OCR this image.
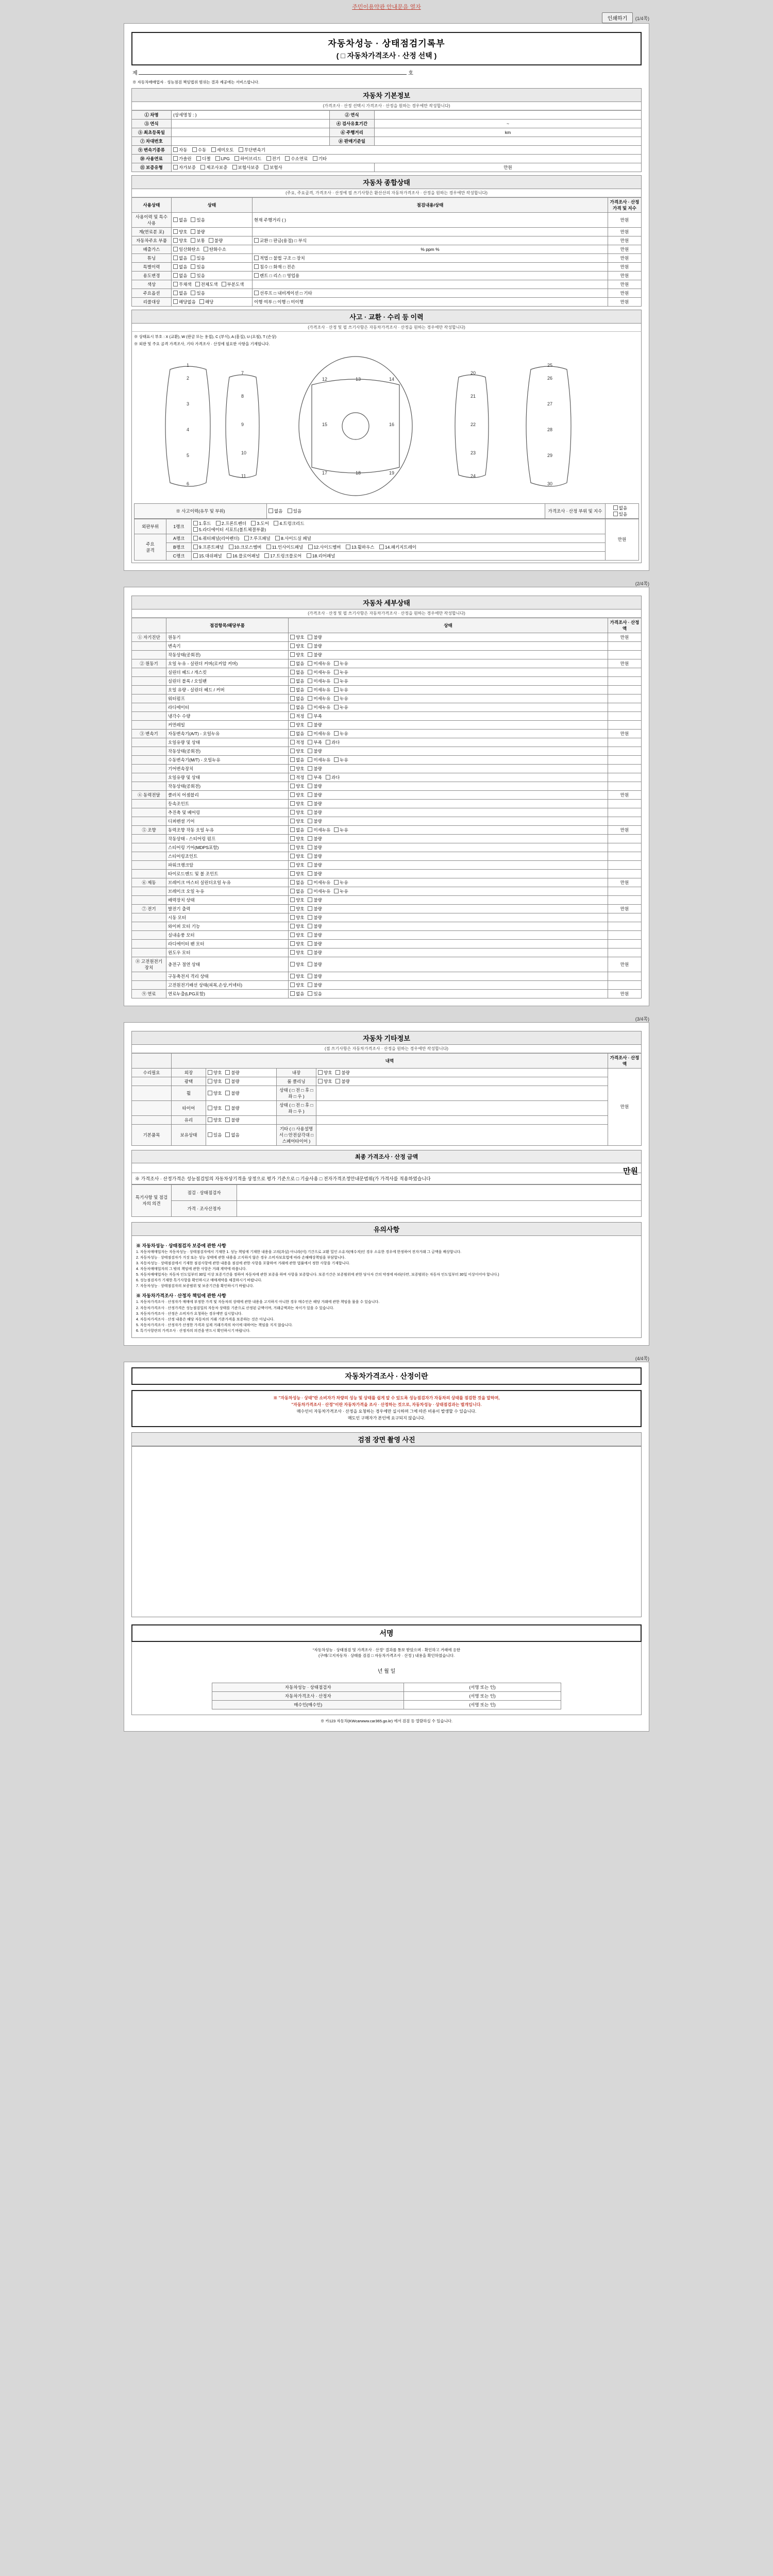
주민이용약관 안내문을 열자
인쇄하기 (1/4쪽)
자동차성능 · 상태점검기록부
( □ 자동차가격조사 · 산정 선택 )
제	호
※ 자동차매매업자 · 성능점검 책임법위 범위는 결과 제공에는 서비스합니다.
자동차 기본정보
(가격조사 · 산정 선택시 가격조사 · 산정을 원하는 경우에만 작성합니다)
① 차명	(상세명칭 : )	② 연식	
③ 연식		④ 검사유효기간	~
⑤ 최초등록일		⑥ 주행거리	km
⑦ 차대번호		⑧ 판매기준일	
⑨ 변속기종류	자동 수동 세미오토 무단변속기		
⑩ 사용연료	가솔린 디젤 LPG 하이브리드 전기 수소연료 기타		
⑪ 보증유형	자가보증 제조사보증 보험사보증 보험사		만원
자동차 종합상태
(주요, 주요골격, 가격조사 · 산정에 필 쓰기사항은 환산산의 자동차가격조사 · 산정을 원하는 경우에만 작성합니다)
사용상태	상태	점검내용/상태	가격조사 · 산정가격 및 지수
사용이력 및 특수사용	없음 있음	현재 주행거리 ( )	만원
계(연료분 포)	양호 불량		만원
자동차주요 부품	양호 보통 불량	교환 □ 판금(용접) □ 부식	만원
배출가스	일산화탄소 탄화수소	% ppm %	만원
튜닝	없음 있음	적법 □ 불법 구조 □ 장치	만원
특별이력	없음 있음	침수 □ 화재 □ 전손	만원
용도변경	없음 있음	렌트 □ 리스 □ 영업용	만원
색상	무채색 전체도색 부분도색		만원
주요옵션	없음 있음	선루프 □ 내비게이션 □ 기타	만원
리콜대상	해당없음 해당	이행 여부 □ 이행 □ 미이행	만원
사고 · 교환 · 수리 등 이력
(가격조사 · 산정 및 필 쓰기사항은 자동차가격조사 · 산정을 원하는 경우에만 작성합니다)
※ 상태표시 부호 : X (교환), W (판금 또는 용접), C (부식), A (흠집), U (요철), T (손상)
※ 외판 및 주요 골격 가격조사, 기타 가격조사 · 산정에 필요한 사항을 기재합니다.
1
2
3
4
5
6
7
8
9
10
11
12	13	14
15	16
17	18	19
20
21
22
23
24
25
26
27
28
29
30
※ 사고이력(유무 및 부위)	없음 있음	가격조사 · 산정 부위 및 지수	없음 있음
외판부위	1랭크	1.후드 2.프론트펜더 3.도어 4.트렁크리드
5.라디에이터 서포트(볼트체결부품)	만원
주요
골격	A랭크	6.쿼터패널(리어펜더) 7.루프패널 8.사이드실 패널	
	B랭크	9.프론트패널 10.크로스멤버 11.인사이드패널 12.사이드멤버 13.휠하우스 14.패키지트레이	
	C랭크	15.대쉬패널 16.플로어패널 17.트렁크플로어 18.리어패널	
(2/4쪽)
자동차 세부상태
(가격조사 · 산정 및 필 쓰기사항은 자동차가격조사 · 산정을 원하는 경우에만 작성합니다)
	점검항목/해당부품	상태	가격조사 · 산정액
① 자기진단	원동기	양호 불량	만원
	변속기	양호 불량	
	작동상태(공회전)	양호 불량	
② 원동기	오일 누유 - 실린더 커버(로커암 커버)	없음 미세누유 누유	만원
	실린더 헤드 / 개스킷	없음 미세누유 누유	
	실린더 블록 / 오일팬	없음 미세누유 누유	
	오일 유량 - 실린더 헤드 / 커버	없음 미세누유 누유	
	워터펌프	없음 미세누유 누유	
	라디에이터	없음 미세누유 누유	
	냉각수 수량	적정 부족	
	커먼레일	양호 불량	
③ 변속기	자동변속기(A/T) - 오일누유	없음 미세누유 누유	만원
	오일유량 및 상태	적정 부족 과다	
	작동상태(공회전)	양호 불량	
	수동변속기(M/T) - 오일누유	없음 미세누유 누유	
	기어변속장치	양호 불량	
	오일유량 및 상태	적정 부족 과다	
	작동상태(공회전)	양호 불량	
④ 동력전달	클러치 어셈블리	양호 불량	만원
	등속조인트	양호 불량	
	추진축 및 베어링	양호 불량	
	디퍼렌셜 기어	양호 불량	
⑤ 조향	동력조향 작동 오일 누유	없음 미세누유 누유	만원
	작동상태 - 스티어링 펌프	양호 불량	
	스티어링 기어(MDPS포함)	양호 불량	
	스티어링조인트	양호 불량	
	파워크랭크암	양호 불량	
	타이로드엔드 및 볼 조인트	양호 불량	
⑥ 제동	브레이크 마스터 실린더오일 누유	없음 미세누유 누유	만원
	브레이크 오일 누유	없음 미세누유 누유	
	배력장치 상태	양호 불량	
⑦ 전기	발전기 출력	양호 불량	만원
	시동 모터	양호 불량	
	와이퍼 모터 기능	양호 불량	
	실내송풍 모터	양호 불량	
	라디에이터 팬 모터	양호 불량	
	윈도우 모터	양호 불량	
⑧ 고전원전기장치	충전구 절연 상태	양호 불량	만원
	구동축전지 격리 상태	양호 불량	
	고전원전기배선 상태(피복,손상,커넥터)	양호 불량	
⑨ 연료	연료누출(LPG포함)	없음 있음	만원
(3/4쪽)
자동차 기타정보
(점 쓰기사항은 자동차가격조사 · 산정을 원하는 경우에만 작성합니다)
	내역				가격조사 · 산정액
수리필요	외장	양호 불량	내장	양호 불량	만원
	광택	양호 불량	룸 클리닝	양호 불량	
	휠	양호 불량	상태 ( □ 전 □ 후 □ 좌 □ 우 )		
	타이어	양호 불량	상태 ( □ 전 □ 후 □ 좌 □ 우 )		
	유리	양호 불량			
기본품목	보유상태	있음 없음	기타 ( □ 사용설명서 □ 안전삼각대 □ 스페어타이어 )		
최종 가격조사 · 산정 금액
만원

※ 가격조사 · 산정가격은 성능점검일의 자동차상기격을 상정으로 평가 기준으로 □ 기술사용 □ 전자가격조정안내문범위(가 가격사를 적용하였습니다
특기사항 및 점검자의 의견	점검 · 상태점검자	
	가격 · 조사산정자	
유의사항
※ 자동차성능 · 상태점검자 보증에 관한 사항

1. 자동차매매업자는 자동차성능 · 상태점검자에서 기재한 1. 성능 책임에 기재한 내용을 고의(과실) 아니라(이) 기간으로 교환 밀인 소유자(매수자)인 경우 소유한 경우에 한정하여 전자거래 그 금액을 배상합니다.

2. 자동차성능 · 상태점검자가 거짓 또는 성능 상태에 관한 내용을 고지하지 않은 경우 소비자보호법에 따라 손해배상책임을 부담합니다.

3. 자동차성능 · 상태점검에서 기재한 점검사항에 관한 내용을 점검에 관한 사항을 포함하여 거래에 관한 법률에서 정한 사항을 기재합니다.

4. 자동차매매업자의 그 밖의 책임에 관한 사항은 거래 계약에 따릅니다.

5. 자동차매매업자는 자동차 인도일부터 30일 이상 보증기간을 정하여 자동차에 관한 보증을 하며 사항을 보증합니다. 보증기간은 보증범위에 관한 당사자 간의 약정에 따라(다만, 보증범위는 자동차 인도일부터 30일 이상이어야 합니다.)

6. 성능점검자가 기재한 특기사항을 확인하시고 매매계약을 체결하시기 바랍니다.

7. 자동차성능 · 상태점검자의 보증범위 및 보증기간을 확인하시기 바랍니다.

※ 자동차가격조사 · 산정자 책임에 관한 사항

1. 자동차가격조사 · 산정자가 매매에 부정한 가격 및 자동차의 상태에 관한 내용을 고지하지 아니한 경우 매수인은 해당 거래에 관한 책임을 물을 수 있습니다.

2. 자동차가격조사 · 산정가격은 성능점검일의 자동차 상태를 기준으로 산정된 금액이며, 거래금액과는 차이가 있을 수 있습니다.

3. 자동차가격조사 · 산정은 소비자가 요청하는 경우에만 실시합니다.

4. 자동차가격조사 · 산정 내용은 해당 자동차의 거래 기준가격을 보증하는 것은 아닙니다.

5. 자동차가격조사 · 산정자가 산정한 가격과 실제 거래가격의 차이에 대하여는 책임을 지지 않습니다.

6. 특기사항란의 가격조사 · 산정자의 의견을 반드시 확인하시기 바랍니다.

(4/4쪽)
자동차가격조사 · 산정이란
※ "자동차성능 · 상태"란 소비자가 차량의 성능 및 상태를 쉽게 알 수 있도록 성능점검자가 자동차의 상태를 점검한 것을 말하며,
"자동차가격조사 · 산정"이란 자동차가격을 조사 · 산정하는 것으로, 자동차성능 · 상태점검과는 별개입니다.
매수인이 자동차가격조사 · 산정을 요청하는 경우에만 실시하며 그에 따른 비용이 발생할 수 있습니다.
매도인 구매자가 본인에 요구되지 않습니다.
검점 장면 촬영 사진
서명
"자동차성능 · 상태점검 및 가격조사 · 산정" 결과를 통보 받았으며 · 확인하고 거래에 응한
(구매/고지자동차 · 상태를 검검 □ 자동차가격조사 · 산정 ) 내용을 확인하였습니다.
년 월 일
자동차성능 · 상태점검자	(서명 또는 인)
자동차가격조사 · 산정자	(서명 또는 인)
매수인(매수인)	(서명 또는 인)
※ 카123 자동차(KWcarwww.car365.go.kr) 에서 검검 등 열람하실 수 있습니다.
